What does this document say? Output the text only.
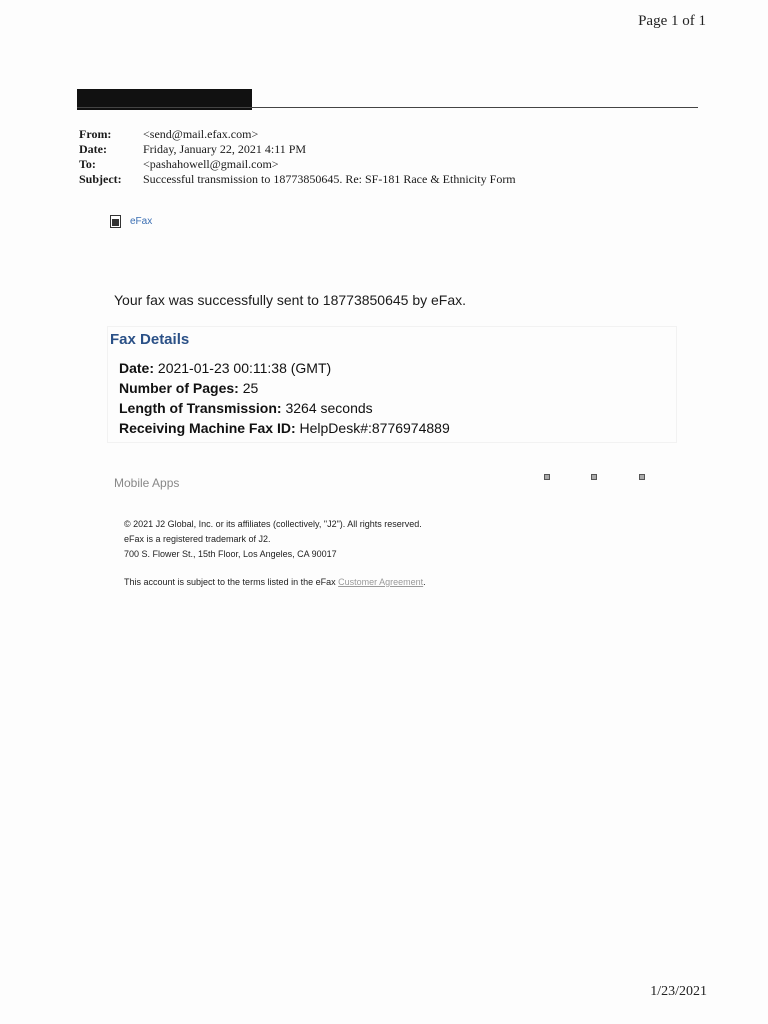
Page 1 of 1
From:	<send@mail.efax.com>
Date:	Friday, January 22, 2021 4:11 PM
To:	<pashahowell@gmail.com>
Subject:	Successful transmission to 18773850645. Re: SF-181 Race & Ethnicity Form
eFax
Your fax was successfully sent to 18773850645 by eFax.
Fax Details
Date: 2021-01-23 00:11:38 (GMT)
Number of Pages: 25
Length of Transmission: 3264 seconds
Receiving Machine Fax ID: HelpDesk#:8776974889
Mobile Apps
© 2021 J2 Global, Inc. or its affiliates (collectively, "J2"). All rights reserved.
eFax is a registered trademark of J2.
700 S. Flower St., 15th Floor, Los Angeles, CA 90017
This account is subject to the terms listed in the eFax Customer Agreement.
1/23/2021
